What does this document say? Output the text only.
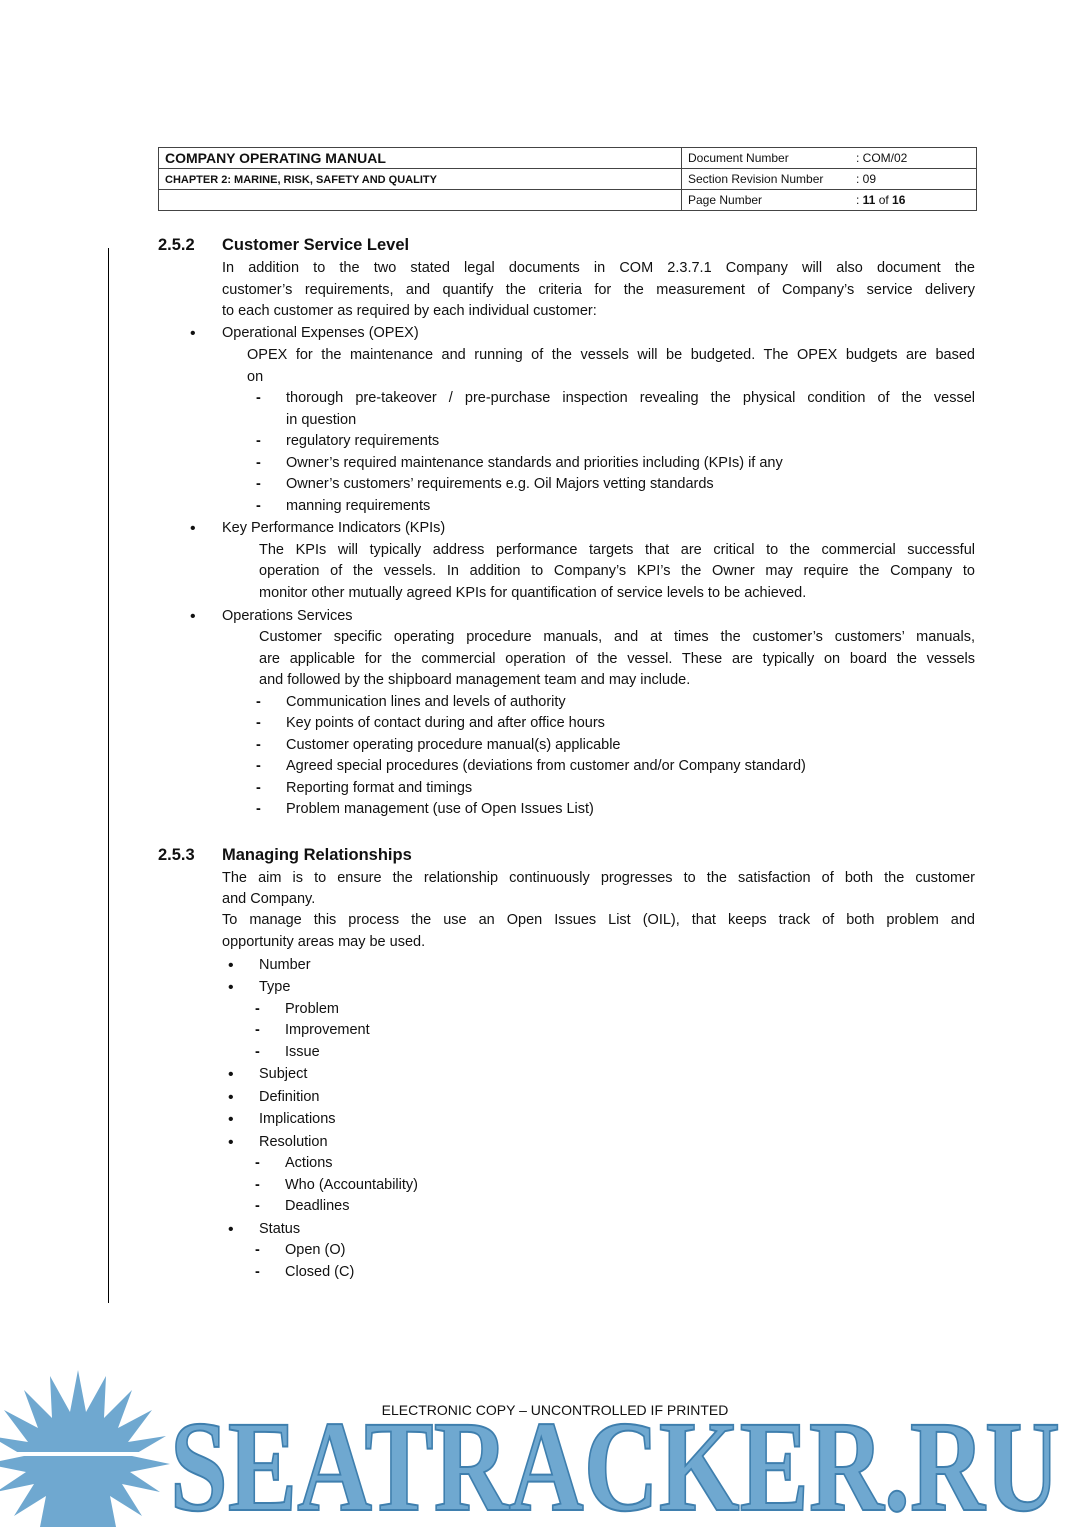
COMPANY OPERATING MANUAL	Document Number : COM/02
CHAPTER 2: MARINE, RISK, SAFETY AND QUALITY	Section Revision Number : 09
	Page Number : 11 of 16
2.5.2 Customer Service Level
In addition to the two stated legal documents in COM 2.3.7.1 Company will also document the
customer’s requirements, and quantify the criteria for the measurement of Company’s service delivery
to each customer as required by each individual customer:
• Operational Expenses (OPEX)
OPEX for the maintenance and running of the vessels will be budgeted. The OPEX budgets are based
on
- thorough pre-takeover / pre-purchase inspection revealing the physical condition of the vessel
in question
- regulatory requirements
- Owner’s required maintenance standards and priorities including (KPIs) if any
- Owner’s customers’ requirements e.g. Oil Majors vetting standards
- manning requirements
• Key Performance Indicators (KPIs)
The KPIs will typically address performance targets that are critical to the commercial successful
operation of the vessels. In addition to Company’s KPI’s the Owner may require the Company to
monitor other mutually agreed KPIs for quantification of service levels to be achieved.
• Operations Services
Customer specific operating procedure manuals, and at times the customer’s customers’ manuals,
are applicable for the commercial operation of the vessel. These are typically on board the vessels
and followed by the shipboard management team and may include.
- Communication lines and levels of authority
- Key points of contact during and after office hours
- Customer operating procedure manual(s) applicable
- Agreed special procedures (deviations from customer and/or Company standard)
- Reporting format and timings
- Problem management (use of Open Issues List)
2.5.3 Managing Relationships
The aim is to ensure the relationship continuously progresses to the satisfaction of both the customer
and Company.
To manage this process the use an Open Issues List (OIL), that keeps track of both problem and
opportunity areas may be used.
• Number
• Type
- Problem
- Improvement
- Issue
• Subject
• Definition
• Implications
• Resolution
- Actions
- Who (Accountability)
- Deadlines
• Status
- Open (O)
- Closed (C)
SEATRACKER.RU
ELECTRONIC COPY – UNCONTROLLED IF PRINTED
